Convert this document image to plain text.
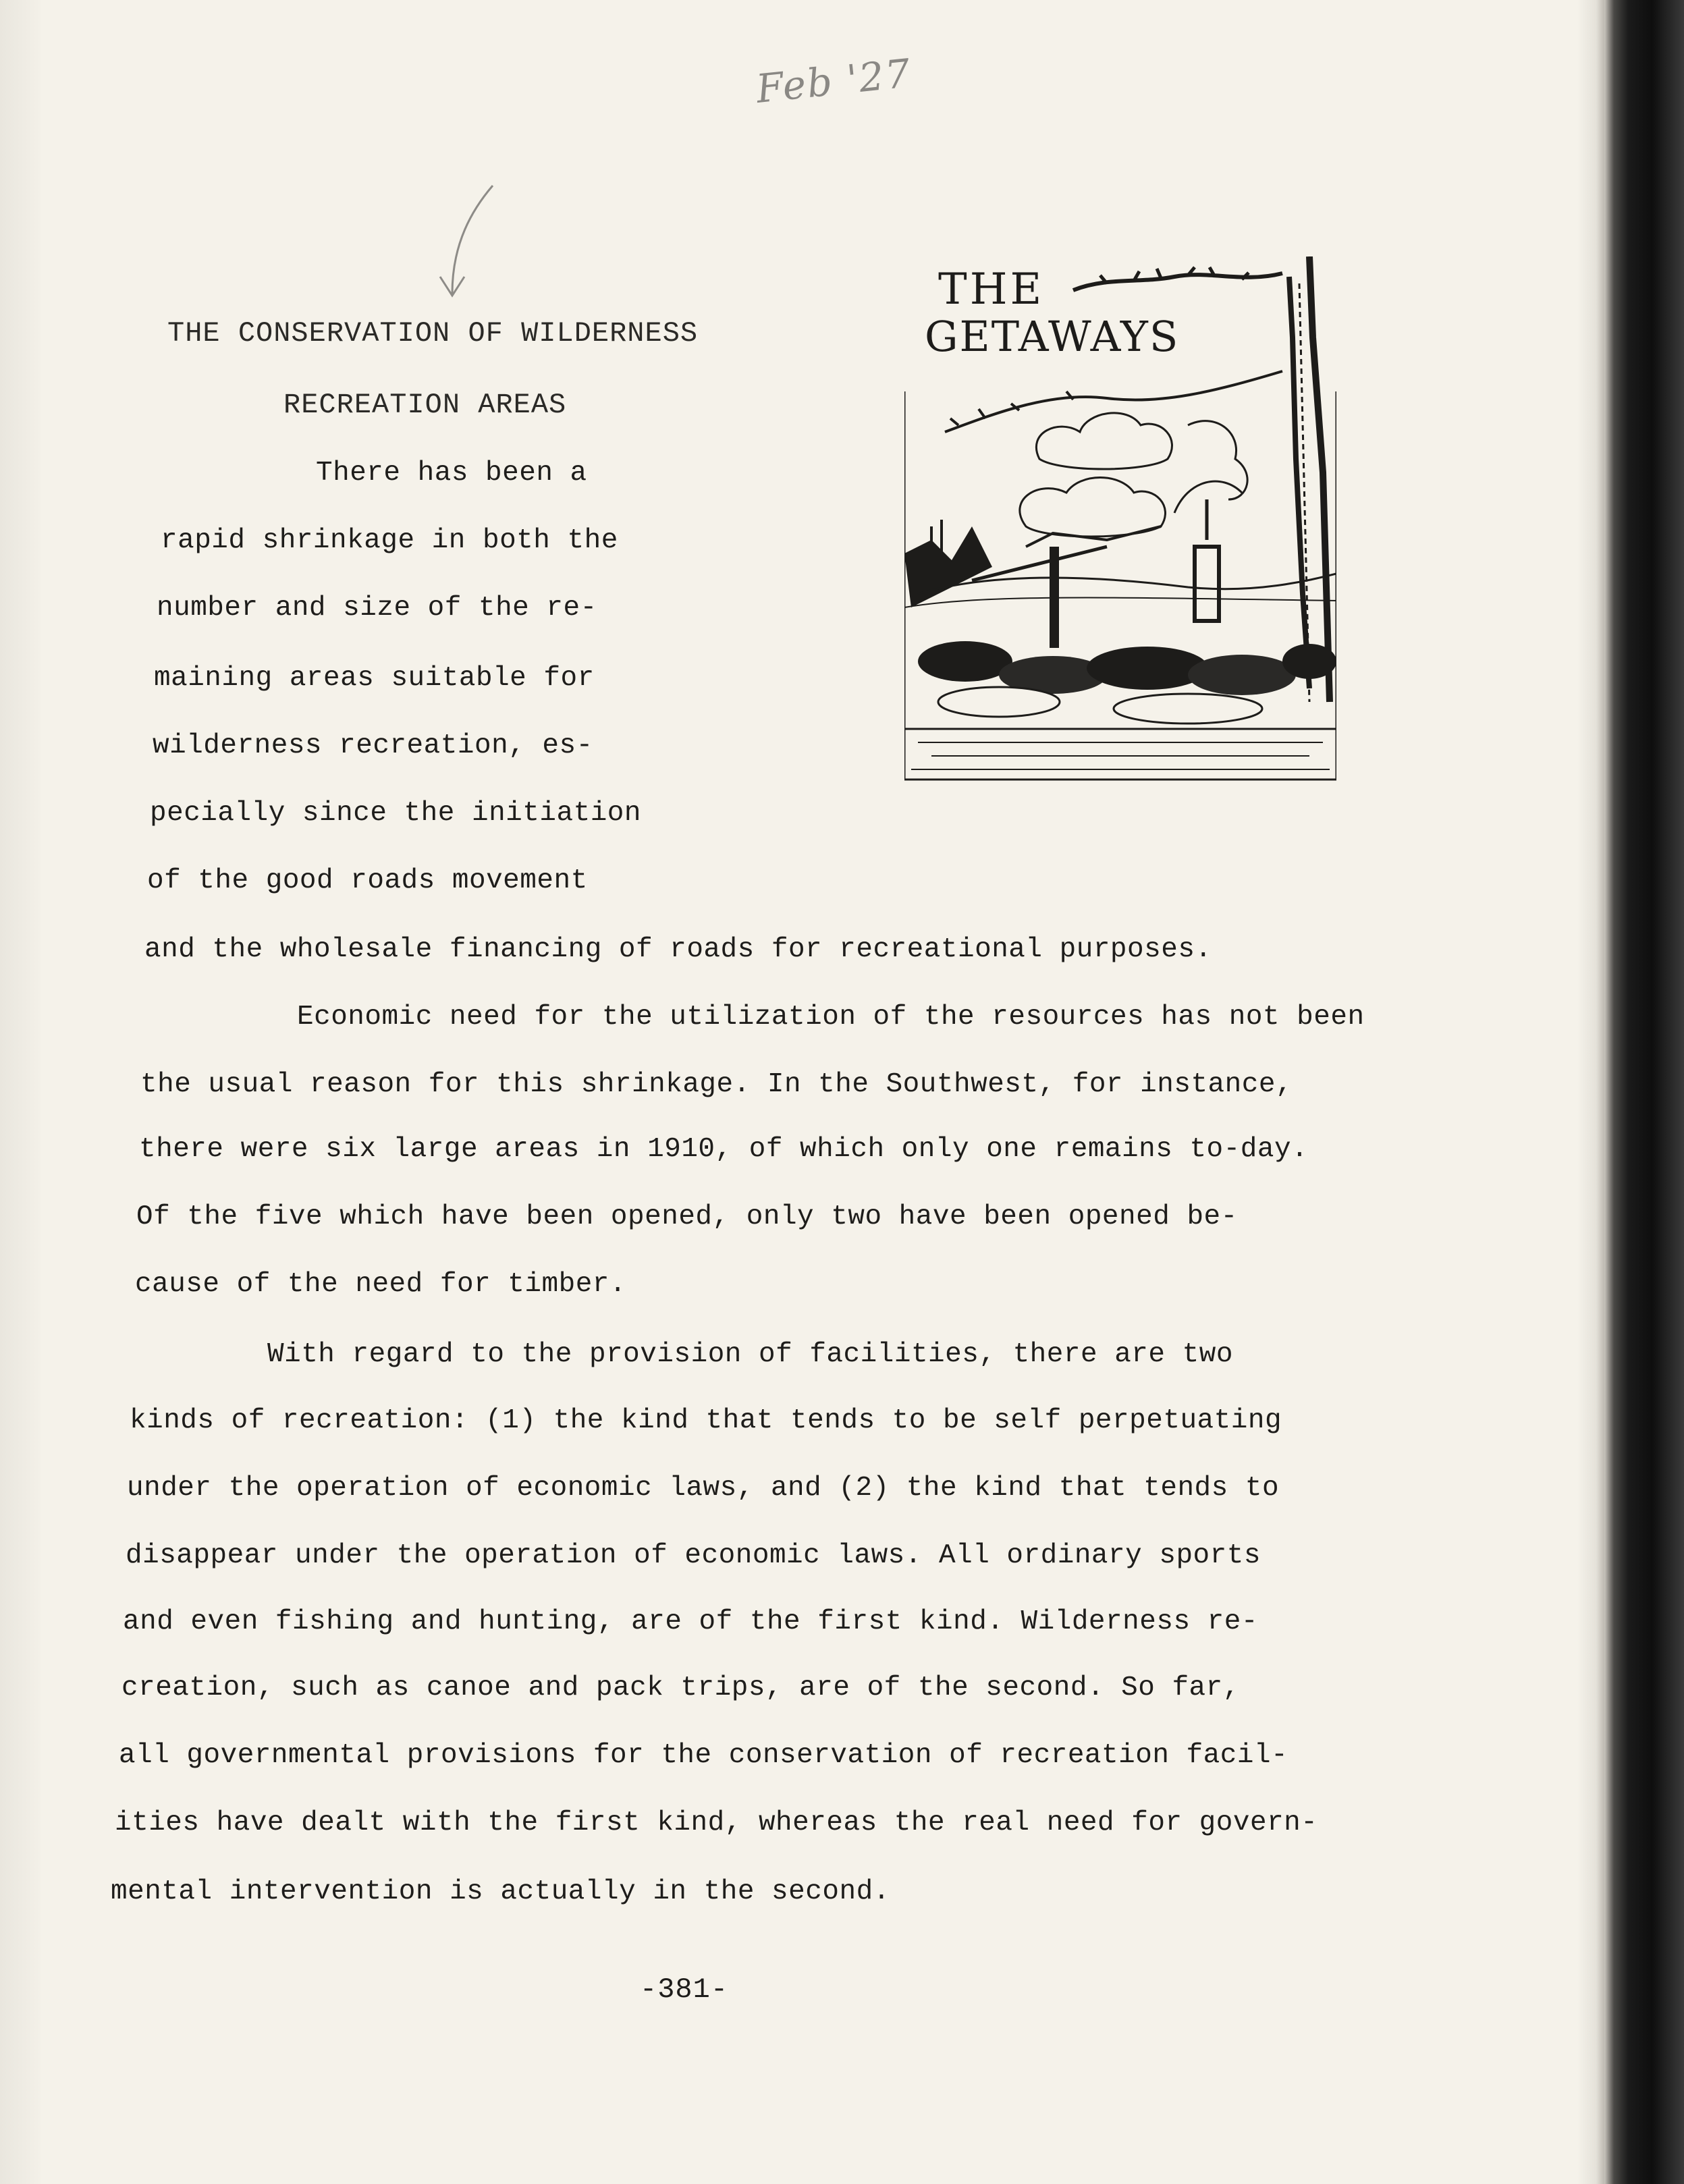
Feb '27
THE CONSERVATION OF WILDERNESS
RECREATION AREAS
There has been a
rapid shrinkage in both the
number and size of the re-
maining areas suitable for
wilderness recreation, es-
pecially since the initiation
of the good roads movement
and the wholesale financing of roads for recreational purposes.
THE
GETAWAYS
Economic need for the utilization of the resources has not been
the usual reason for this shrinkage. In the Southwest, for instance,
there were six large areas in 1910, of which only one remains to-day.
Of the five which have been opened, only two have been opened be-
cause of the need for timber.
With regard to the provision of facilities, there are two
kinds of recreation: (1) the kind that tends to be self perpetuating
under the operation of economic laws, and (2) the kind that tends to
disappear under the operation of economic laws. All ordinary sports
and even fishing and hunting, are of the first kind. Wilderness re-
creation, such as canoe and pack trips, are of the second. So far,
all governmental provisions for the conservation of recreation facil-
ities have dealt with the first kind, whereas the real need for govern-
mental intervention is actually in the second.
-381-
